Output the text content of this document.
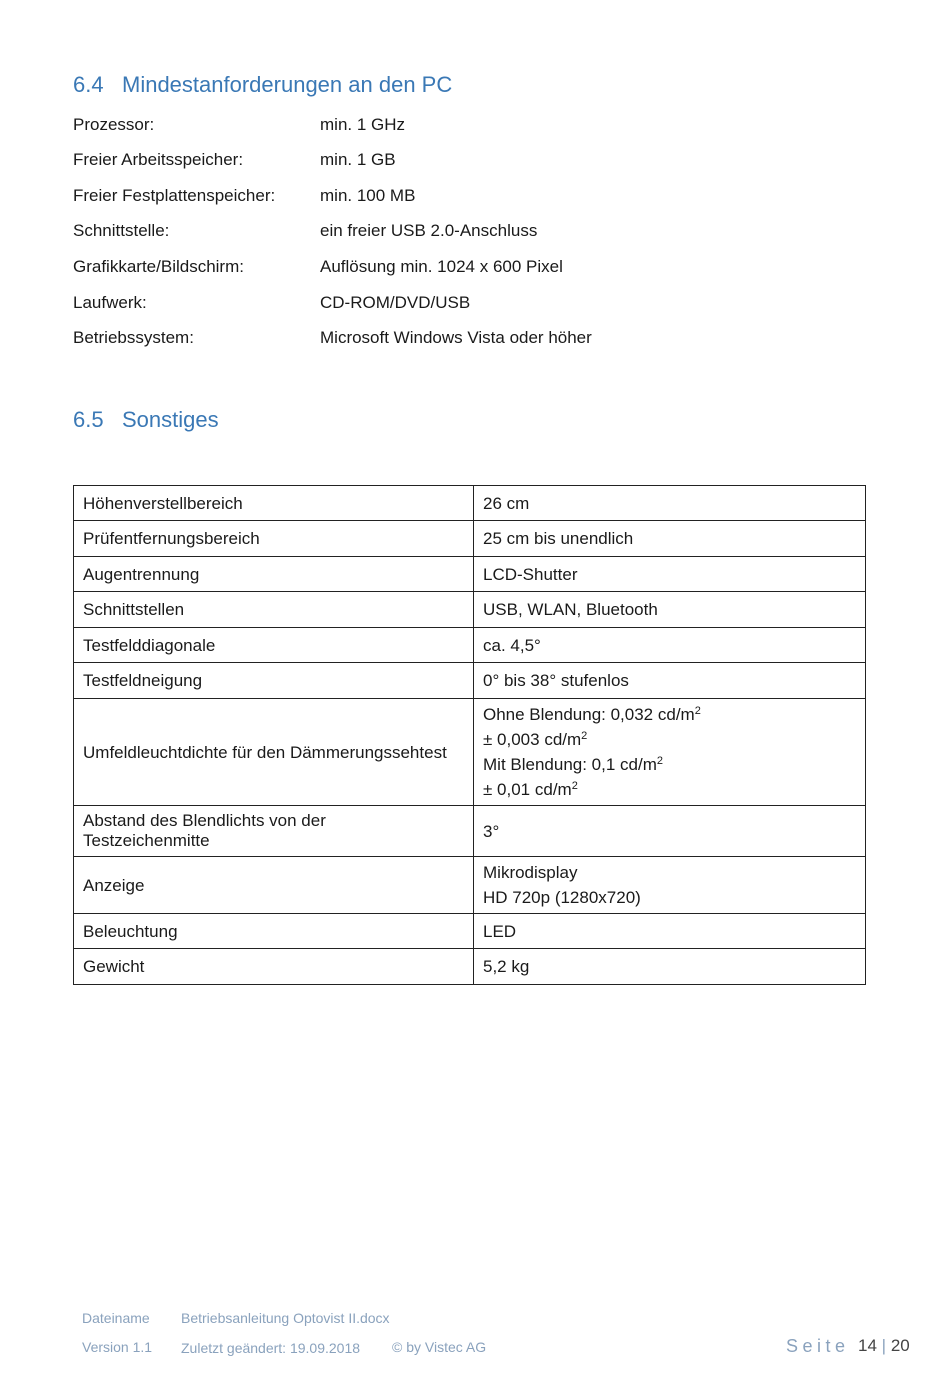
6.4 Mindestanforderungen an den PC
Prozessor:	min. 1 GHz
Freier Arbeitsspeicher:	min. 1 GB
Freier Festplattenspeicher:	min. 100 MB
Schnittstelle:	ein freier USB 2.0-Anschluss
Grafikkarte/Bildschirm:	Auflösung min. 1024 x 600 Pixel
Laufwerk:	CD-ROM/DVD/USB
Betriebssystem:	Microsoft Windows Vista oder höher
6.5 Sonstiges
Höhenverstellbereich	26 cm
Prüfentfernungsbereich	25 cm bis unendlich
Augentrennung	LCD-Shutter
Schnittstellen	USB, WLAN, Bluetooth
Testfelddiagonale	ca. 4,5°
Testfeldneigung	0° bis 38° stufenlos
Umfeldleuchtdichte für den Dämmerungssehtest	Ohne Blendung: 0,032 $cd/m^2$
± 0,003 $cd/m^2$
Mit Blendung: 0,1 $cd/m^2$
± 0,01 $cd/m^2$

Abstand des Blendlichts von der
Testzeichenmitte	3°
Anzeige	Mikrodisplay
HD 720p (1280x720)

Beleuchtung	LED
Gewicht	5,2 kg
Dateiname Betriebsanleitung Optovist II.docx
Version 1.1 Zuletzt geändert: 19.09.2018 © by Vistec AG	Seite 14 | 20
